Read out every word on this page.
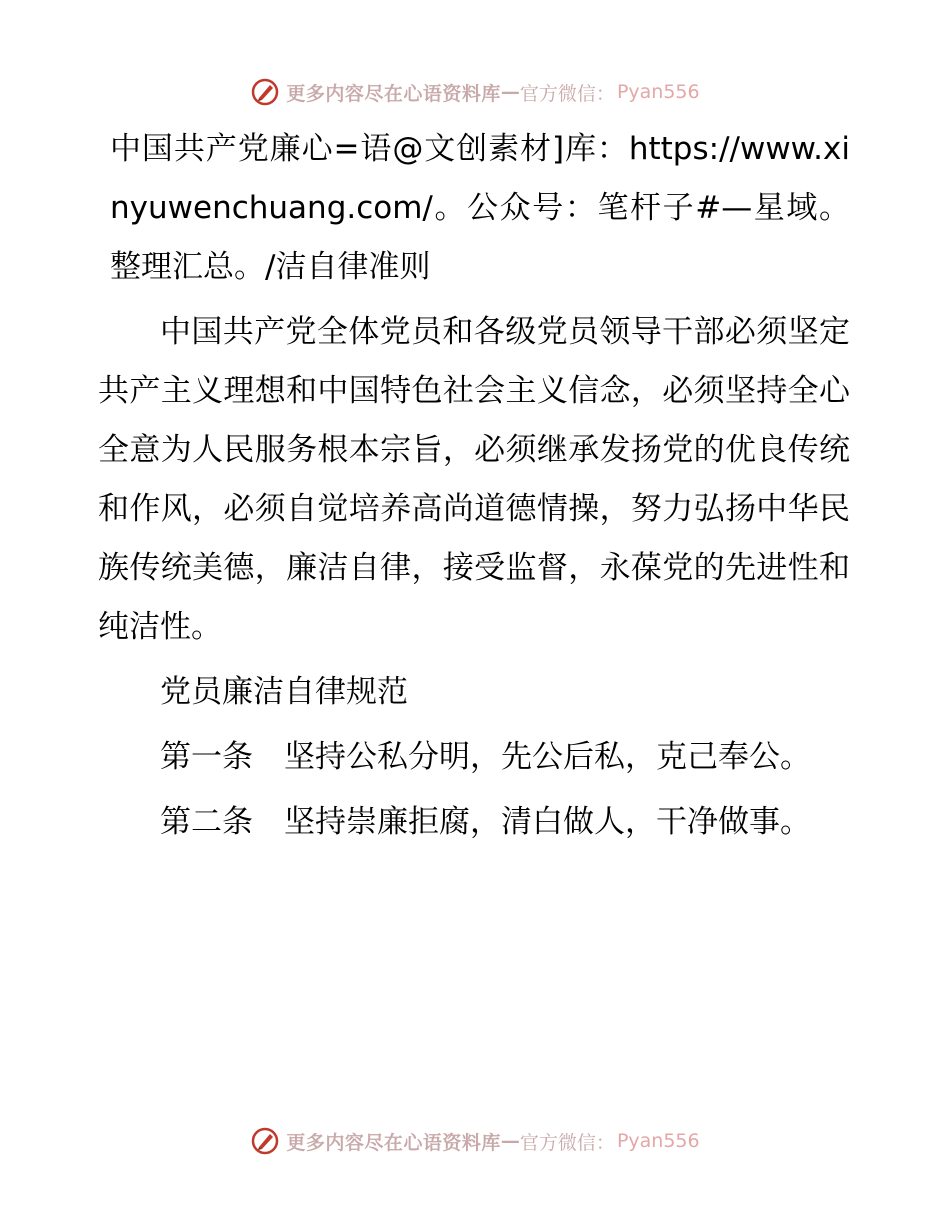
更多内容尽在心语资料库 — 官方微信： Pyan556

中国共产党廉心=语@文创素材]库：https://www.xinyuwenchuang.com/。公众号：笔杆子#—星域。整理汇总。/洁自律准则

中国共产党全体党员和各级党员领导干部必须坚定共产主义理想和中国特色社会主义信念，必须坚持全心全意为人民服务根本宗旨，必须继承发扬党的优良传统和作风，必须自觉培养高尚道德情操，努力弘扬中华民族传统美德，廉洁自律，接受监督，永葆党的先进性和纯洁性。

党员廉洁自律规范

第一条　 坚持公私分明，先公后私，克己奉公。

第二条　 坚持崇廉拒腐，清白做人，干净做事。

更多内容尽在心语资料库 — 官方微信： Pyan556
